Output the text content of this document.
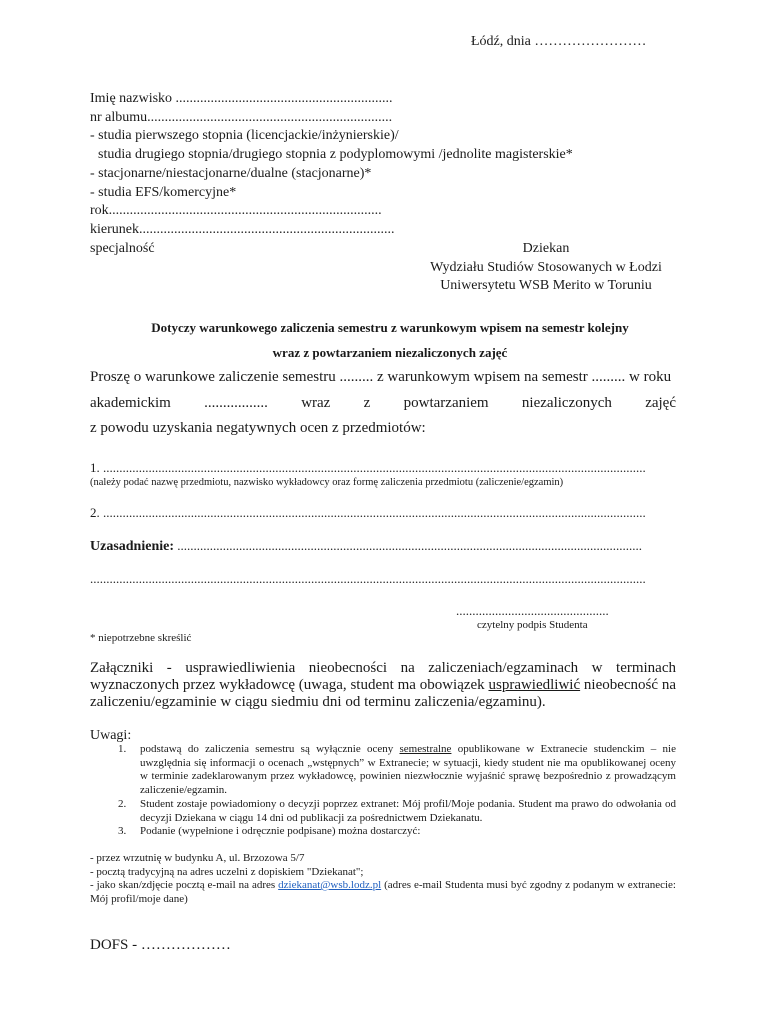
Łódź, dnia ……………………
Imię nazwisko ..............................................................
nr albumu......................................................................
- studia pierwszego stopnia (licencjackie/inżynierskie)/
studia drugiego stopnia/drugiego stopnia z podyplomowymi /jednolite magisterskie*
- stacjonarne/niestacjonarne/dualne (stacjonarne)*
- studia EFS/komercyjne*
rok..............................................................................
kierunek.........................................................................
specjalność	Dziekan
Wydziału Studiów Stosowanych w Łodzi
Uniwersytetu WSB Merito w Toruniu
Dotyczy warunkowego zaliczenia semestru z warunkowym wpisem na semestr kolejny
wraz z powtarzaniem niezaliczonych zajęć
Proszę o warunkowe zaliczenie semestru ......... z warunkowym wpisem na semestr ......... w roku
akademickim ................. wraz z powtarzaniem niezaliczonych zajęć
z powodu uzyskania negatywnych ocen z przedmiotów:
1. .......................................................................................................................................................................
(należy podać nazwę przedmiotu, nazwisko wykładowcy oraz formę zaliczenia przedmiotu (zaliczenie/egzamin)
2. .......................................................................................................................................................................
Uzasadnienie: ...............................................................................................................................................
...........................................................................................................................................................................
...............................................
czytelny podpis Studenta
* niepotrzebne skreślić
Załączniki - usprawiedliwienia nieobecności na zaliczeniach/egzaminach w terminach wyznaczonych przez wykładowcę (uwaga, student ma obowiązek usprawiedliwić nieobecność na zaliczeniu/egzaminie w ciągu siedmiu dni od terminu zaliczenia/egzaminu).
Uwagi:
1. podstawą do zaliczenia semestru są wyłącznie oceny semestralne opublikowane w Extranecie studenckim – nie uwzględnia się informacji o ocenach „wstępnych” w Extranecie; w sytuacji, kiedy student nie ma opublikowanej oceny w terminie zadeklarowanym przez wykładowcę, powinien niezwłocznie wyjaśnić sprawę bezpośrednio z prowadzącym zaliczenie/egzamin.
2. Student zostaje powiadomiony o decyzji poprzez extranet: Mój profil/Moje podania. Student ma prawo do odwołania od decyzji Dziekana w ciągu 14 dni od publikacji za pośrednictwem Dziekanatu.
3. Podanie (wypełnione i odręcznie podpisane) można dostarczyć:
- przez wrzutnię w budynku A, ul. Brzozowa 5/7
- pocztą tradycyjną na adres uczelni z dopiskiem "Dziekanat";
- jako skan/zdjęcie pocztą e-mail na adres dziekanat@wsb.lodz.pl (adres e-mail Studenta musi być zgodny z podanym w extranecie: Mój profil/moje dane)
DOFS - ………………
